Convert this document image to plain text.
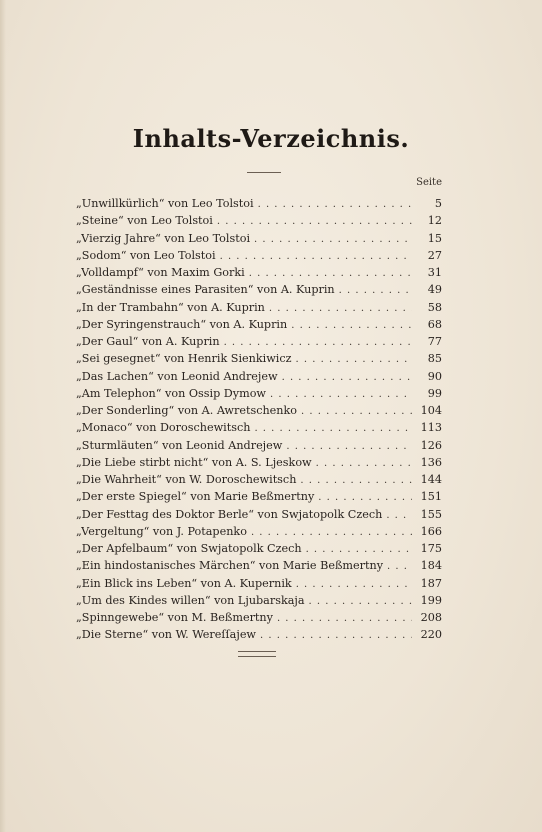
Inhalts-Verzeichnis.
Seite
„Unwillkürlich“ von Leo Tolstoi . . .	5
„Steine“ von Leo Tolstoi . . .	12
„Vierzig Jahre“ von Leo Tolstoi . . .	15
„Sodom“ von Leo Tolstoi . . .	27
„Volldampf“ von Maxim Gorki . . .	31
„Geständnisse eines Parasiten“ von A. Kuprin . . .	49
„In der Trambahn“ von A. Kuprin . . .	58
„Der Syringenstrauch“ von A. Kuprin . . .	68
„Der Gaul“ von A. Kuprin . . .	77
„Sei gesegnet“ von Henrik Sienkiwicz . . .	85
„Das Lachen“ von Leonid Andrejew . . .	90
„Am Telephon“ von Ossip Dymow . . .	99
„Der Sonderling“ von A. Awretschenko . . .	104
„Monaco“ von Doroschewitsch . . .	113
„Sturmläuten“ von Leonid Andrejew . . .	126
„Die Liebe stirbt nicht“ von A. S. Ljeskow . . .	136
„Die Wahrheit“ von W. Doroschewitsch . . .	144
„Der erste Spiegel“ von Marie Beßmertny . . .	151
„Der Festtag des Doktor Berle“ von Swjatopolk Czech . . .	155
„Vergeltung“ von J. Potapenko . . .	166
„Der Apfelbaum“ von Swjatopolk Czech . . .	175
„Ein hindostanisches Märchen“ von Marie Beßmertny . . .	184
„Ein Blick ins Leben“ von A. Kupernik . . .	187
„Um des Kindes willen“ von Ljubarskaja . . .	199
„Spinngewebe“ von M. Beßmertny . . .	208
„Die Sterne“ von W. Wereſſajew . . .	220
